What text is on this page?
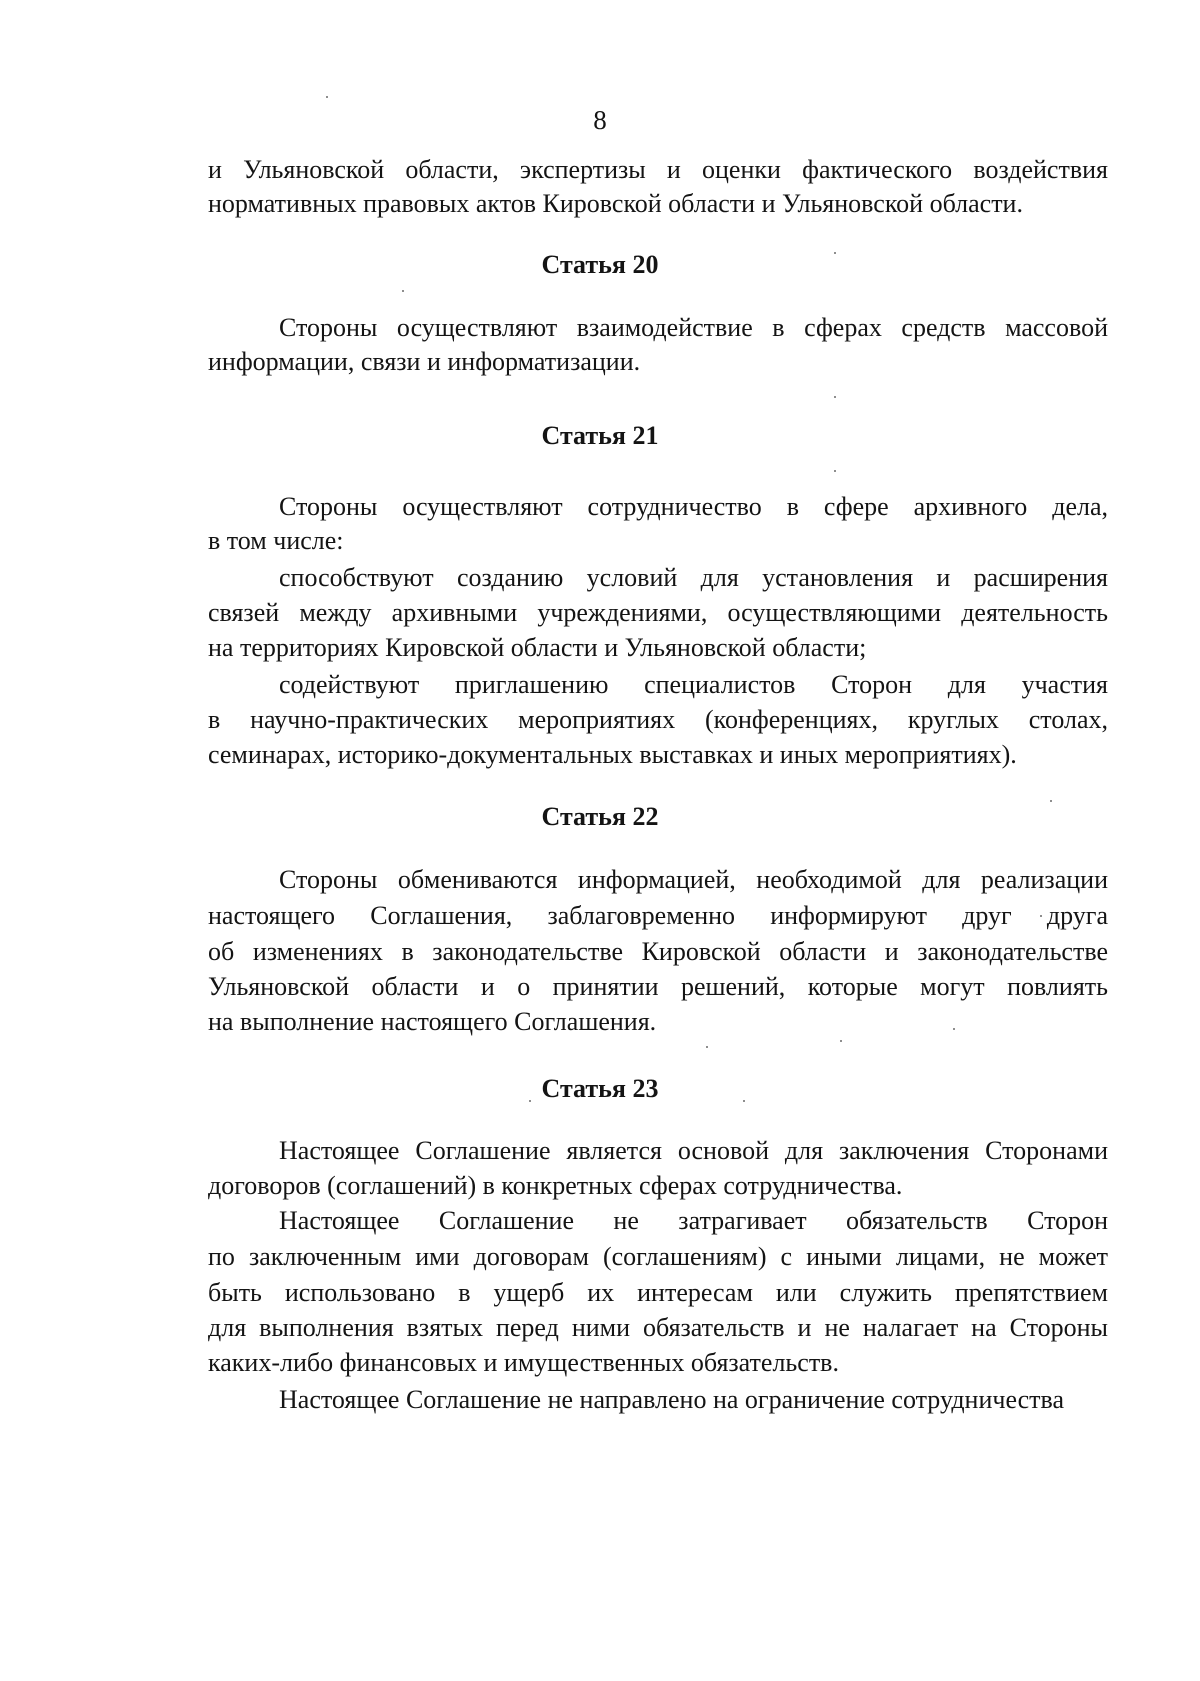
8
и Ульяновской области, экспертизы и оценки фактического воздействия
нормативных правовых актов Кировской области и Ульяновской области.
Статья 20
Стороны осуществляют взаимодействие в сферах средств массовой
информации, связи и информатизации.
Статья 21
Стороны осуществляют сотрудничество в сфере архивного дела,
в том числе:
способствуют созданию условий для установления и расширения
связей между архивными учреждениями, осуществляющими деятельность
на территориях Кировской области и Ульяновской области;
содействуют приглашению специалистов Сторон для участия
в научно-практических мероприятиях (конференциях, круглых столах,
семинарах, историко-документальных выставках и иных мероприятиях).
Статья 22
Стороны обмениваются информацией, необходимой для реализации
настоящего Соглашения, заблаговременно информируют друг друга
об изменениях в законодательстве Кировской области и законодательстве
Ульяновской области и о принятии решений, которые могут повлиять
на выполнение настоящего Соглашения.
Статья 23
Настоящее Соглашение является основой для заключения Сторонами
договоров (соглашений) в конкретных сферах сотрудничества.
Настоящее Соглашение не затрагивает обязательств Сторон
по заключенным ими договорам (соглашениям) с иными лицами, не может
быть использовано в ущерб их интересам или служить препятствием
для выполнения взятых перед ними обязательств и не налагает на Стороны
каких-либо финансовых и имущественных обязательств.
Настоящее Соглашение не направлено на ограничение сотрудничества
